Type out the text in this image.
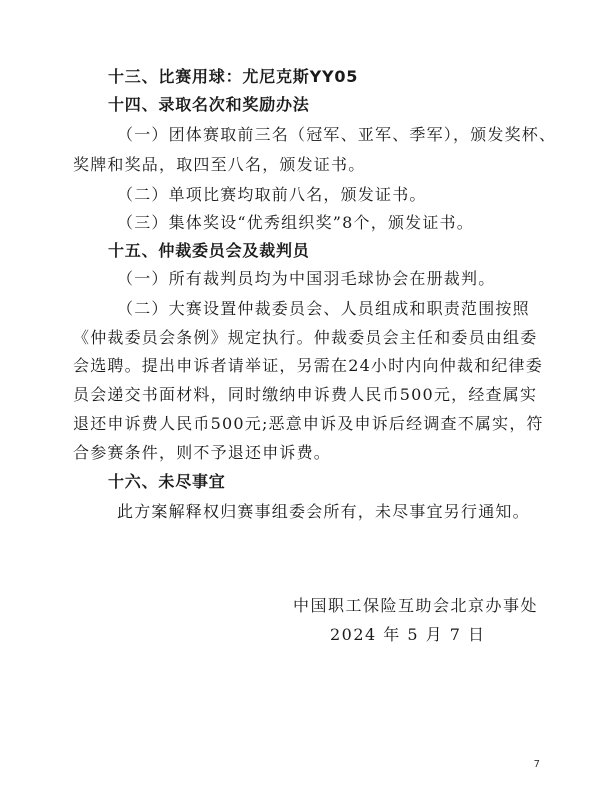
十三、比赛用球：尤尼克斯YY05
十四、录取名次和奖励办法
（一）团体赛取前三名（冠军、亚军、季军），颁发奖杯、
奖牌和奖品，取四至八名，颁发证书。
（二）单项比赛均取前八名，颁发证书。
（三）集体奖设“优秀组织奖”8个，颁发证书。
十五、仲裁委员会及裁判员
（一）所有裁判员均为中国羽毛球协会在册裁判。
（二）大赛设置仲裁委员会、人员组成和职责范围按照
《仲裁委员会条例》规定执行。仲裁委员会主任和委员由组委
会选聘。提出申诉者请举证，另需在24小时内向仲裁和纪律委
员会递交书面材料，同时缴纳申诉费人民币500元，经查属实
退还申诉费人民币500元;恶意申诉及申诉后经调查不属实，符
合参赛条件，则不予退还申诉费。
十六、未尽事宜
此方案解释权归赛事组委会所有，未尽事宜另行通知。
中国职工保险互助会北京办事处
2024 年 5 月 7 日
7
